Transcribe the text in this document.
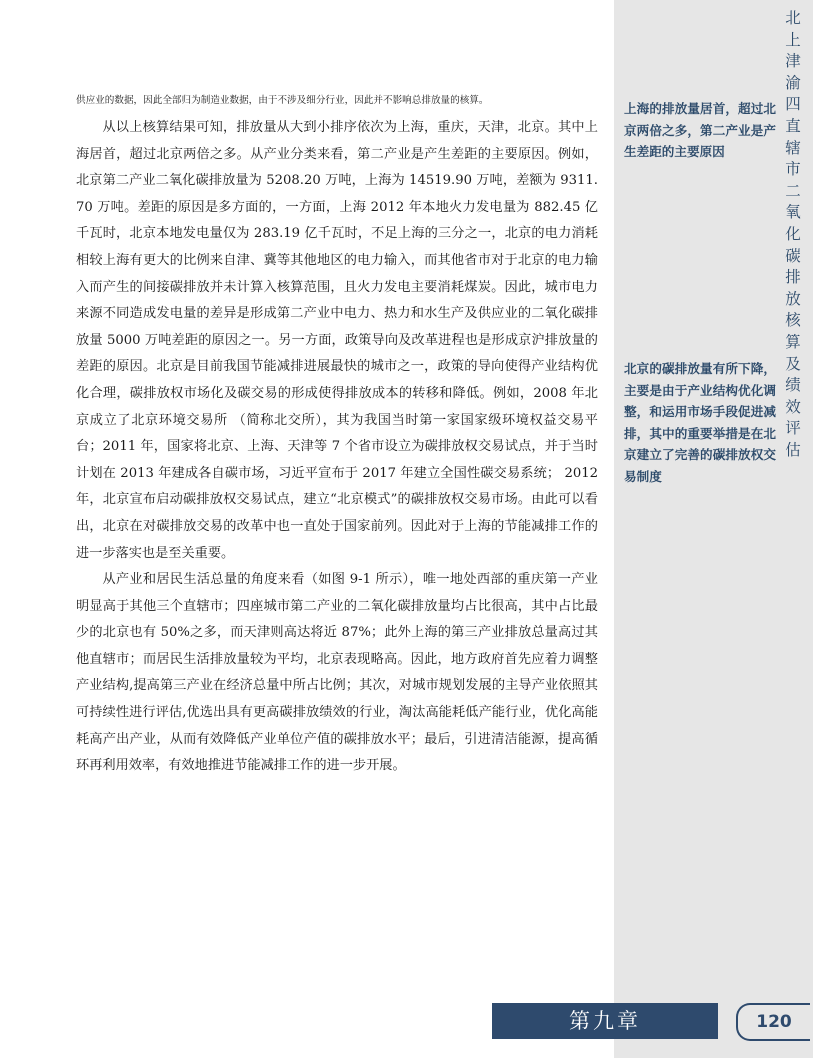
北上津渝四直辖市二氧化碳排放核算及绩效评估
上海的排放量居首，超过北京两倍之多，第二产业是产生差距的主要原因
北京的碳排放量有所下降，主要是由于产业结构优化调整，和运用市场手段促进减排，其中的重要举措是在北京建立了完善的碳排放权交易制度

供应业的数据，因此全部归为制造业数据，由于不涉及细分行业，因此并不影响总排放量的核算。

从以上核算结果可知，排放量从大到小排序依次为上海，重庆，天津，北京。其中上海居首，超过北京两倍之多。从产业分类来看，第二产业是产生差距的主要原因。例如，北京第二产业二氧化碳排放量为 5208.20 万吨，上海为 14519.90 万吨，差额为 9311.70 万吨。差距的原因是多方面的，一方面，上海 2012 年本地火力发电量为 882.45 亿千瓦时，北京本地发电量仅为 283.19 亿千瓦时，不足上海的三分之一，北京的电力消耗相较上海有更大的比例来自津、冀等其他地区的电力输入，而其他省市对于北京的电力输入而产生的间接碳排放并未计算入核算范围，且火力发电主要消耗煤炭。因此，城市电力来源不同造成发电量的差异是形成第二产业中电力、热力和水生产及供应业的二氧化碳排放量 5000 万吨差距的原因之一。另一方面，政策导向及改革进程也是形成京沪排放量的差距的原因。北京是目前我国节能减排进展最快的城市之一，政策的导向使得产业结构优化合理，碳排放权市场化及碳交易的形成使得排放成本的转移和降低。例如，2008 年北京成立了北京环境交易所 （简称北交所），其为我国当时第一家国家级环境权益交易平台；2011 年，国家将北京、上海、天津等 7 个省市设立为碳排放权交易试点，并于当时计划在 2013 年建成各自碳市场，习近平宣布于 2017 年建立全国性碳交易系统； 2012 年，北京宣布启动碳排放权交易试点，建立“北京模式”的碳排放权交易市场。由此可以看出，北京在对碳排放交易的改革中也一直处于国家前列。因此对于上海的节能减排工作的进一步落实也是至关重要。

从产业和居民生活总量的角度来看（如图 9-1 所示），唯一地处西部的重庆第一产业明显高于其他三个直辖市；四座城市第二产业的二氧化碳排放量均占比很高，其中占比最少的北京也有 50%之多，而天津则高达将近 87%；此外上海的第三产业排放总量高过其他直辖市；而居民生活排放量较为平均，北京表现略高。因此，地方政府首先应着力调整产业结构,提高第三产业在经济总量中所占比例；其次，对城市规划发展的主导产业依照其可持续性进行评估,优选出具有更高碳排放绩效的行业，淘汰高能耗低产能行业，优化高能耗高产出产业，从而有效降低产业单位产值的碳排放水平；最后，引进清洁能源，提高循环再利用效率，有效地推进节能减排工作的进一步开展。

第九章	120
